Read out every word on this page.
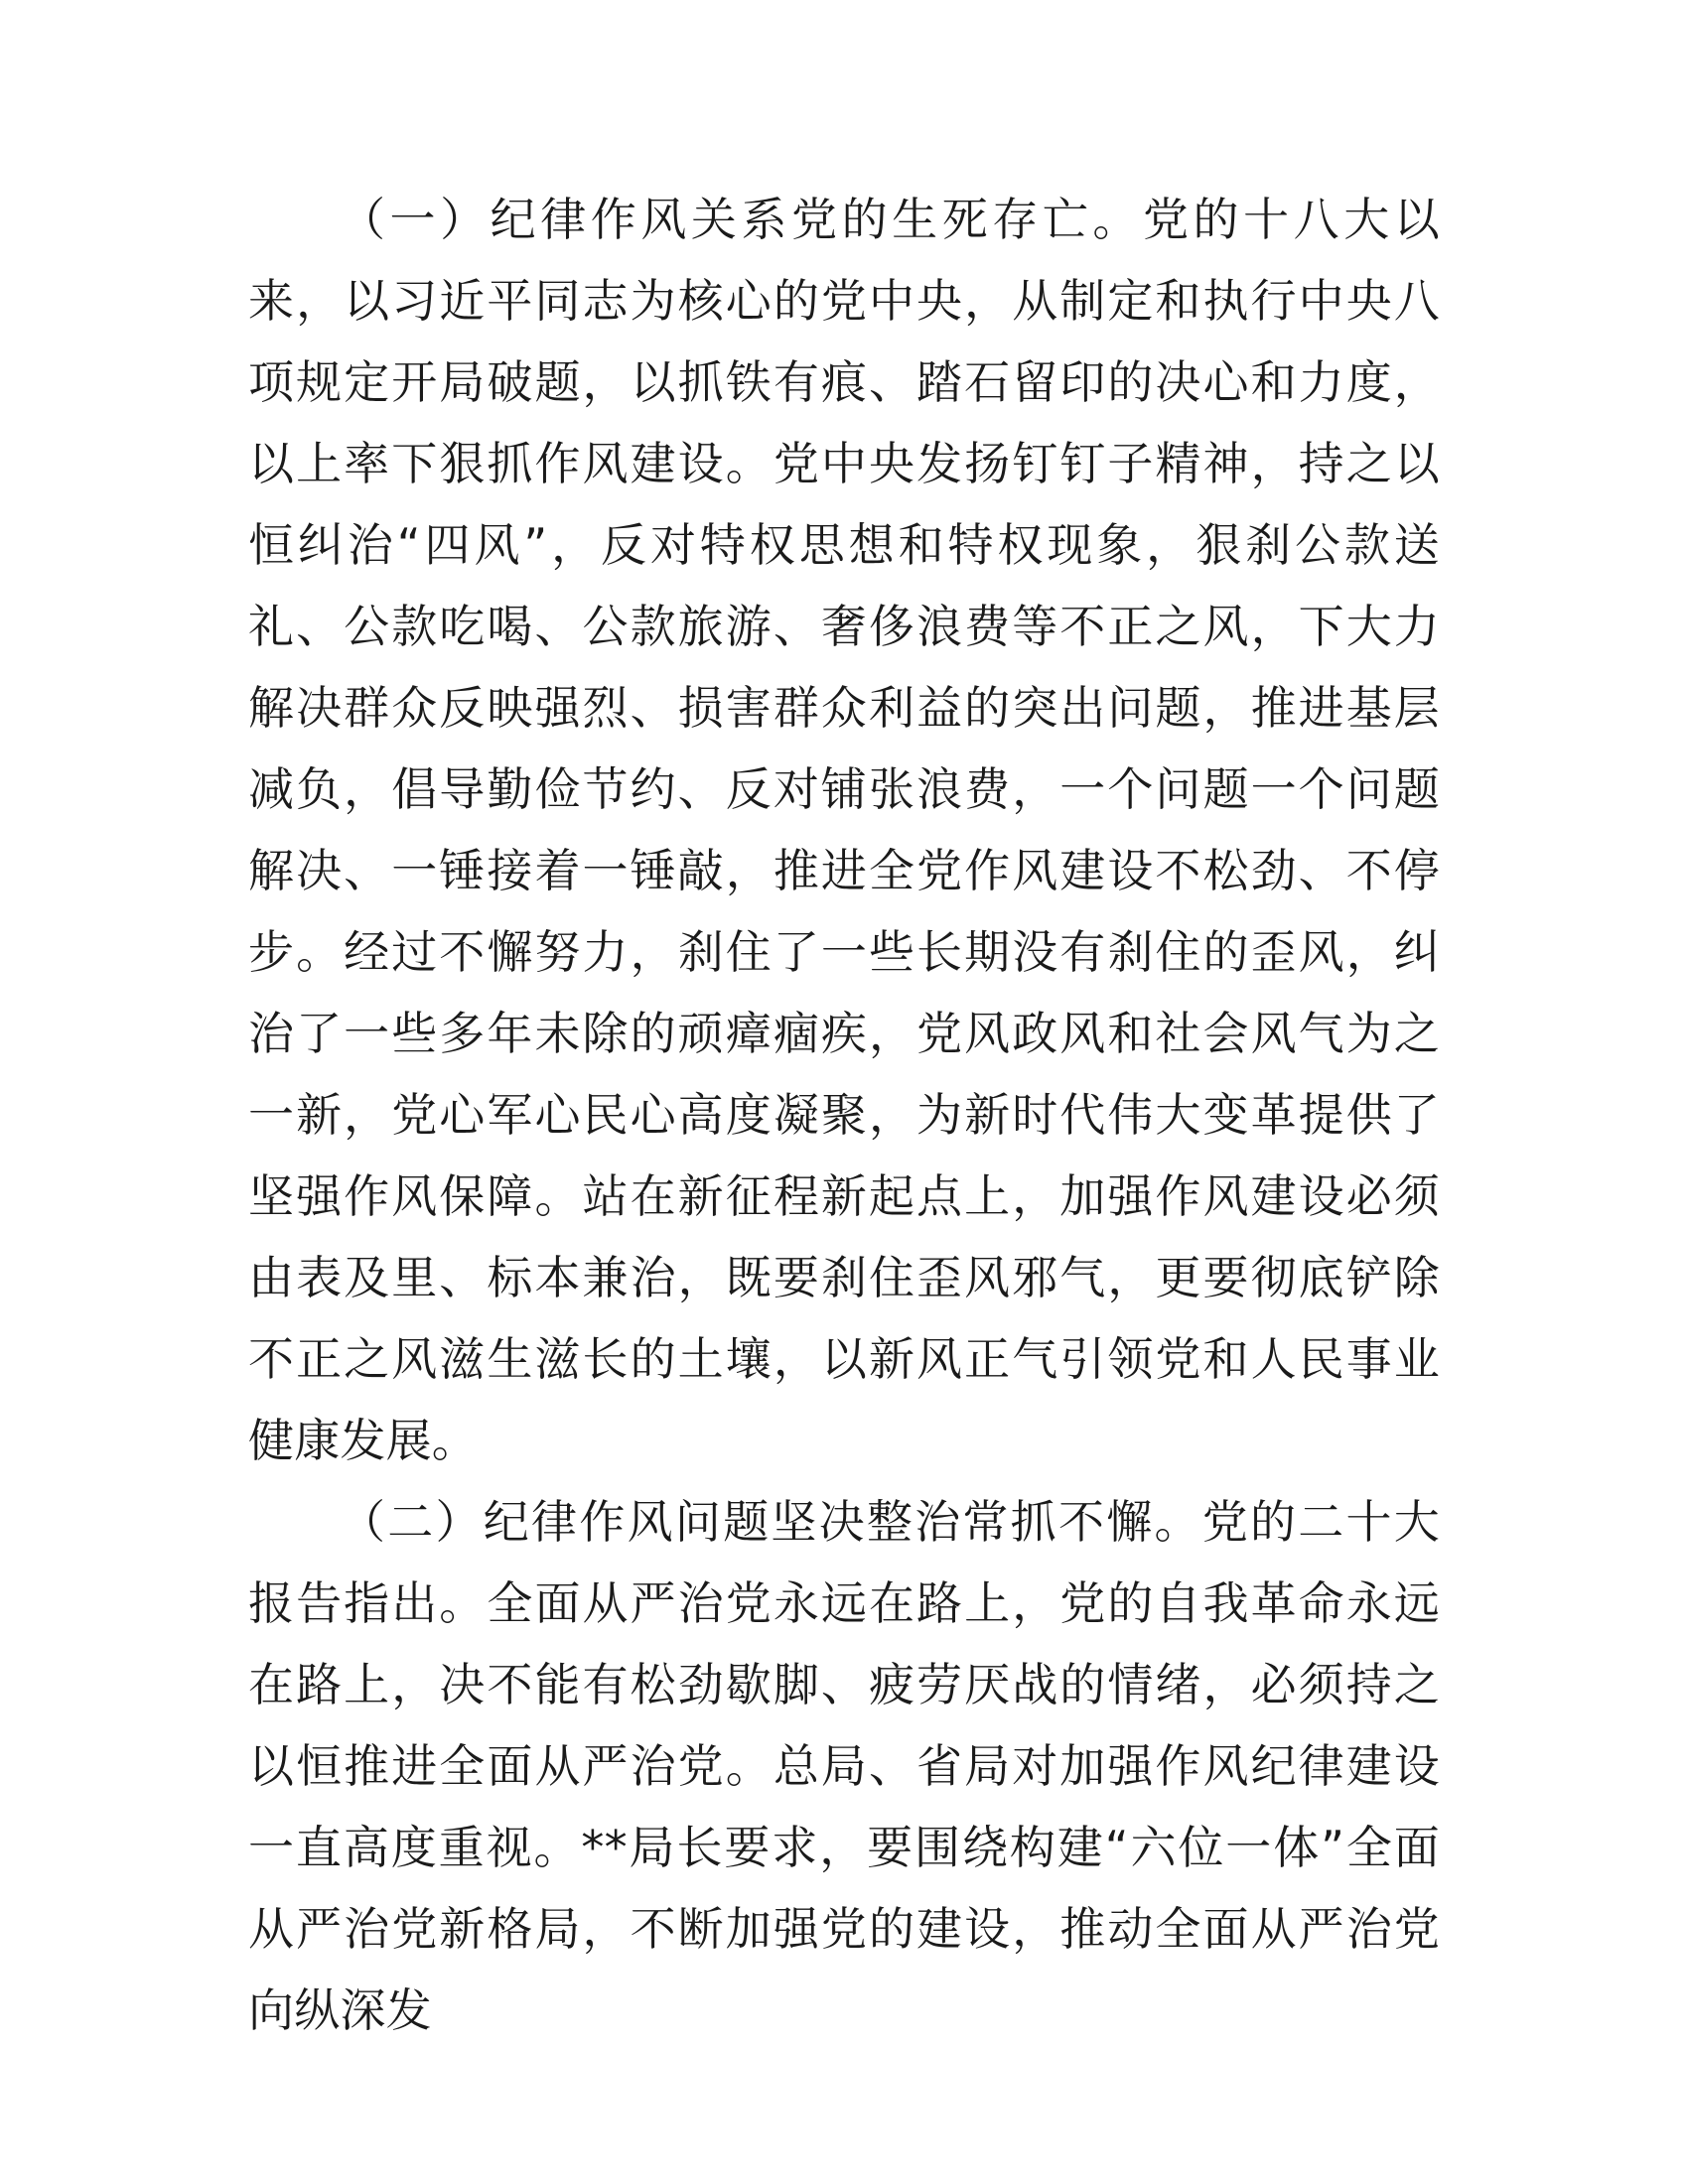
（一）纪律作风关系党的生死存亡。党的十八大以来，以习近平同志为核心的党中央，从制定和执行中央八项规定开局破题，以抓铁有痕、踏石留印的决心和力度，以上率下狠抓作风建设。党中央发扬钉钉子精神，持之以恒纠治“四风”，反对特权思想和特权现象，狠刹公款送礼、公款吃喝、公款旅游、奢侈浪费等不正之风，下大力解决群众反映强烈、损害群众利益的突出问题，推进基层减负，倡导勤俭节约、反对铺张浪费，一个问题一个问题解决、一锤接着一锤敲，推进全党作风建设不松劲、不停步。经过不懈努力，刹住了一些长期没有刹住的歪风，纠治了一些多年未除的顽瘴痼疾，党风政风和社会风气为之一新，党心军心民心高度凝聚，为新时代伟大变革提供了坚强作风保障。站在新征程新起点上，加强作风建设必须由表及里、标本兼治，既要刹住歪风邪气，更要彻底铲除不正之风滋生滋长的土壤，以新风正气引领党和人民事业健康发展。

（二）纪律作风问题坚决整治常抓不懈。党的二十大报告指出。全面从严治党永远在路上，党的自我革命永远在路上，决不能有松劲歇脚、疲劳厌战的情绪，必须持之以恒推进全面从严治党。总局、省局对加强作风纪律建设一直高度重视。**局长要求，要围绕构建“六位一体”全面从严治党新格局，不断加强党的建设，推动全面从严治党向纵深发
